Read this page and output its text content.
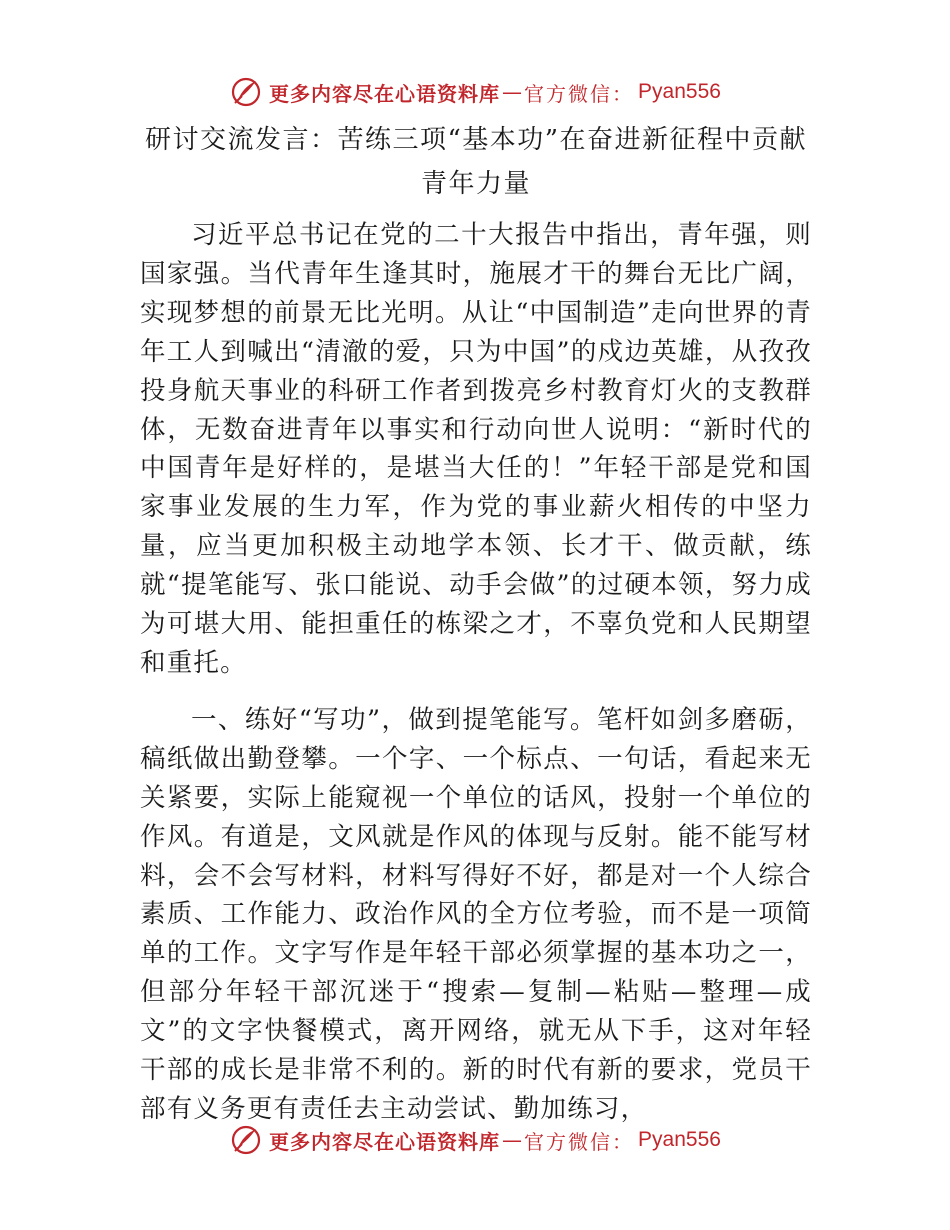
更多内容尽在心语资料库 — 官方微信： Pyan556
研讨交流发言：苦练三项“基本功”在奋进新征程中贡献青年力量

习近平总书记在党的二十大报告中指出，青年强，则国家强。当代青年生逢其时，施展才干的舞台无比广阔，实现梦想的前景无比光明。从让“中国制造”走向世界的青年工人到喊出“清澈的爱，只为中国”的戍边英雄，从孜孜投身航天事业的科研工作者到拨亮乡村教育灯火的支教群体，无数奋进青年以事实和行动向世人说明：“新时代的中国青年是好样的，是堪当大任的！”年轻干部是党和国家事业发展的生力军，作为党的事业薪火相传的中坚力量，应当更加积极主动地学本领、长才干、做贡献，练就“提笔能写、张口能说、动手会做”的过硬本领，努力成为可堪大用、能担重任的栋梁之才，不辜负党和人民期望和重托。

一、练好“写功”，做到提笔能写。笔杆如剑多磨砺，稿纸做出勤登攀。一个字、一个标点、一句话，看起来无关紧要，实际上能窥视一个单位的话风，投射一个单位的作风。有道是，文风就是作风的体现与反射。能不能写材料，会不会写材料，材料写得好不好，都是对一个人综合素质、工作能力、政治作风的全方位考验，而不是一项简单的工作。文字写作是年轻干部必须掌握的基本功之一，但部分年轻干部沉迷于“搜索—复制—粘贴—整理—成文”的文字快餐模式，离开网络，就无从下手，这对年轻干部的成长是非常不利的。新的时代有新的要求，党员干部有义务更有责任去主动尝试、勤加练习，

更多内容尽在心语资料库 — 官方微信： Pyan556
